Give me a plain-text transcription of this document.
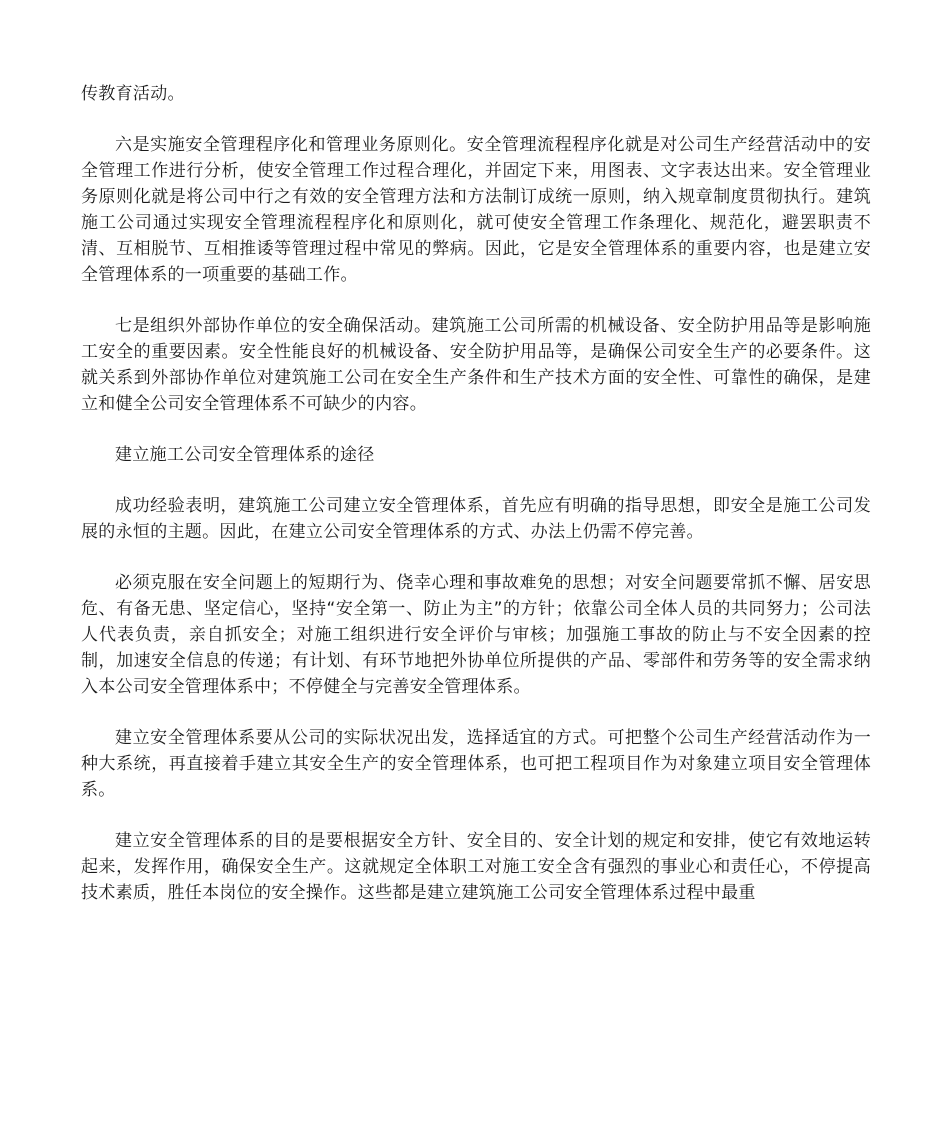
传教育活动。

六是实施安全管理程序化和管理业务原则化。安全管理流程程序化就是对公司生产经营活动中的安全管理工作进行分析，使安全管理工作过程合理化，并固定下来，用图表、文字表达出来。安全管理业务原则化就是将公司中行之有效的安全管理方法和方法制订成统一原则，纳入规章制度贯彻执行。建筑施工公司通过实现安全管理流程程序化和原则化，就可使安全管理工作条理化、规范化，避罢职责不清、互相脱节、互相推诿等管理过程中常见的弊病。因此，它是安全管理体系的重要内容，也是建立安全管理体系的一项重要的基础工作。

七是组织外部协作单位的安全确保活动。建筑施工公司所需的机械设备、安全防护用品等是影响施工安全的重要因素。安全性能良好的机械设备、安全防护用品等，是确保公司安全生产的必要条件。这就关系到外部协作单位对建筑施工公司在安全生产条件和生产技术方面的安全性、可靠性的确保，是建立和健全公司安全管理体系不可缺少的内容。

建立施工公司安全管理体系的途径

成功经验表明，建筑施工公司建立安全管理体系，首先应有明确的指导思想，即安全是施工公司发展的永恒的主题。因此，在建立公司安全管理体系的方式、办法上仍需不停完善。

必须克服在安全问题上的短期行为、侥幸心理和事故难免的思想；对安全问题要常抓不懈、居安思危、有备无患、坚定信心，坚持“安全第一、防止为主”的方针；依靠公司全体人员的共同努力；公司法人代表负责，亲自抓安全；对施工组织进行安全评价与审核；加强施工事故的防止与不安全因素的控制，加速安全信息的传递；有计划、有环节地把外协单位所提供的产品、零部件和劳务等的安全需求纳入本公司安全管理体系中；不停健全与完善安全管理体系。

建立安全管理体系要从公司的实际状况出发，选择适宜的方式。可把整个公司生产经营活动作为一种大系统，再直接着手建立其安全生产的安全管理体系，也可把工程项目作为对象建立项目安全管理体系。

建立安全管理体系的目的是要根据安全方针、安全目的、安全计划的规定和安排，使它有效地运转起来，发挥作用，确保安全生产。这就规定全体职工对施工安全含有强烈的事业心和责任心，不停提高技术素质，胜任本岗位的安全操作。这些都是建立建筑施工公司安全管理体系过程中最重
